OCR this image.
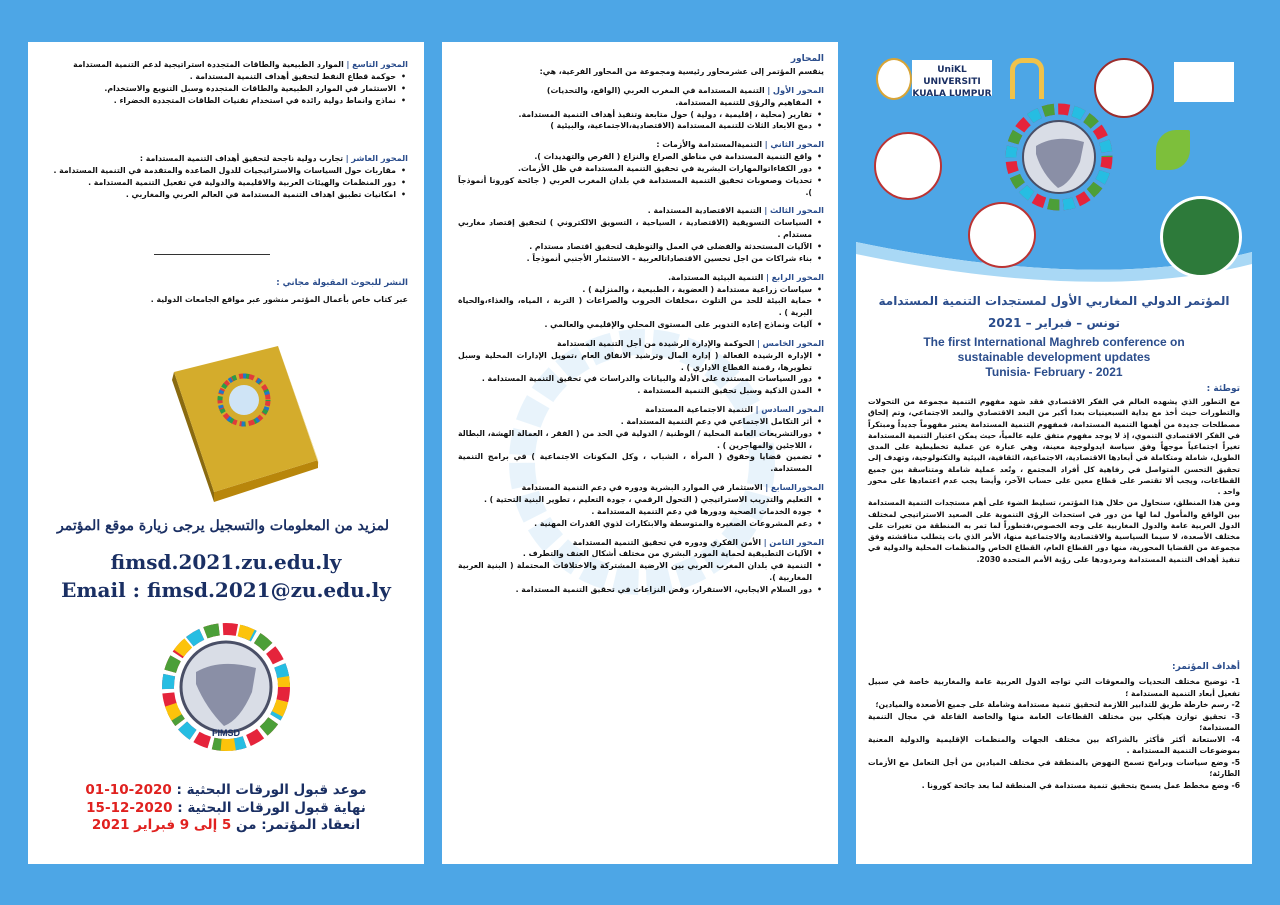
المحور التاسع | الموارد الطبيعية والطاقات المتجددة استراتيجية لدعم التنمية المستدامة

• حوكمة قطاع النفط لتحقيق أهداف التنمية المستدامة .
• الاستثمار في الموارد الطبيعية والطاقات المتجددة وسبل التنويع والاستخدام.
• نماذج وانماط دولية رائدة في استخدام تقنيات الطاقات المتجددة الخضراء .

المحور العاشر | تجارب دولية ناجحة لتحقيق أهداف التنمية المستدامة :

• مقاربات حول السياسات والاستراتيجيات للدول الصاعدة والمتقدمة في التنمية المستدامة .
• دور المنظمات والهيئات العربية والاقليمية والدولية في تفعيل التنمية المستدامة .
• امكانيات تطبيق اهداف التنمية المستدامة في العالم العربي والمغاربي .

النشر للبحوث المقبولة مجاني :

عبر كتاب خاص بأعمال المؤتمر منشور عبر مواقع الجامعات الدولية .

لمزيد من المعلومات والتسجيل يرجى زيارة موقع المؤتمر

fimsd.2021.zu.edu.ly

Email : fimsd.2021@zu.edu.ly

FIMSD

موعد قبول الورقات البحثية : 2020-10-01

نهاية قبول الورقات البحثية : 2020-12-15

انعقاد المؤتمر: من 5 إلى 9 فبراير 2021

المحاور

ينقسم المؤتمر إلى عشرمحاور رئيسية ومجموعة من المحاور الفرعية، هي:

المحور الأول | التنمية المستدامة في المغرب العربي (الواقع، والتحديات)

• المفاهيم والرؤى للتنمية المستدامة.
• تقارير (محلية ، إقليمية ، دولية ) حول متابعة وتنفيذ أهداف التنمية المستدامة.
• دمج الابعاد الثلاث للتنمية المستدامة (الاقتصادية،الاجتماعية، والبيئية )

المحور الثاني | التنميةالمستدامة والأزمات :

• واقع التنمية المستدامة في مناطق الصراع والنزاع ( الفرص والتهديدات ).
• دور الكفاءاتوالمهارات البشرية في تحقيق التنمية المستدامة في ظل الأزمات.
• تحديات وصعوبات تحقيق التنمية المستدامة في بلدان المغرب العربي ( جائحة كورونا أنموذجاً ).

المحور الثالث | التنمية الاقتصادية المستدامة .

• السياسات التسويقية (الاقتصادية ، السياحية ، التسويق الالكتروني ) لتحقيق إقتصاد مغاربي مستدام .
• الآليات المستحدثة والفضلى في العمل والتوظيف لتحقيق اقتصاد مستدام .
• بناء شراكات من اجل تحسين الاقتصاداتالعربية - الاستثمار الأجنبي أنموذجاً .

المحور الرابع | التنمية البيئية المستدامة.

• سياسات زراعية مستدامة ( العضوية ، الطبيعية ، والمنزلية ) .
• حماية البيئة للحد من التلوث ،مخلفات الحروب والصراعات ( التربة ، المياه، والغذاء،والحياة البرية ) .
• آليات ونماذج إعادة التدوير على المستوى المحلي والإقليمي والعالمي .

المحور الخامس | الحوكمة والإدارة الرشيدة من أجل التنمية المستدامة

• الإدارة الرشيدة الفعالة ( إدارة المال وترشيد الانفاق العام ،تمويل الإدارات المحلية وسبل تطويرها، رقمنة القطاع الاداري ) .
• دور السياسات المستندة على الأدلة والبيانات والدراسات في تحقيق التنمية المستدامة .
• المدن الذكية وسبل تحقيق التنمية المستدامة .

المحور السادس | التنمية الاجتماعية المستدامة

• أثر التكامل الاجتماعي في دعم التنمية المستدامة .
• دورالتشريعات العامة المحلية / الوطنية / الدولية في الحد من ( الفقر ، العمالة الهشة، البطالة ، اللاجئين والمهاجرين ) .
• تضمين قضايا وحقوق ( المرأة ، الشباب ، وكل المكونات الاجتماعية ) في برامج التنمية المستدامة.

المحورالسابع | الاستثمار في الموارد البشرية ودوره في دعم التنمية المستدامة

• التعليم والتدريب الاستراتيجي ( التحول الرقمي ، جودة التعليم ، تطوير البنية التحتية ) .
• جودة الخدمات الصحية ودورها في دعم التنمية المستدامة .
• دعم المشروعات الصغيرة والمتوسطة والابتكارات لذوي القدرات المهنية .

المحور الثامن | الأمن الفكري ودوره في تحقيق التنمية المستدامة

• الآليات التطبيقية لحماية المورد البشري من مختلف أشكال العنف والتطرف .
• التنمية في بلدان المغرب العربي بين الارضية المشتركة والاختلافات المحتملة ( البنية العربية المغاربية ).
• دور السلام الايجابي، الاستقرار، وفض النزاعات في تحقيق التنمية المستدامة .
UniKL UNIVERSITI KUALA LUMPUR

المؤتمر الدولي المغاربي الأول لمستجدات التنمية المستدامة

تونس – فبراير – 2021

The first International Maghreb conference on

sustainable development updates

Tunisia- February - 2021

توطئة :

مع التطور الذي يشهده العالم في الفكر الاقتصادي فقد شهد مفهوم التنمية مجموعة من التحولات والتطورات حيث أخذ مع بداية السبعينيات بعدا أكبر من البعد الاقتصادي والبعد الاجتماعي، وتم إلحاق مصطلحات جديدة من أهمها التنمية المستدامة، فمفهوم التنمية المستدامة يعتبر مفهوماً جديداً ومبتكراً في الفكر الاقتصادي التنموي، إذ لا يوجد مفهوم متفق عليه عالمياً، حيث يمكن اعتبار التنمية المستدامة تغيراً اجتماعياً موجهاً وفق سياسة ايدولوجية معينة، وهي عبارة عن عملية تخطيطية على المدى الطويل، شاملة ومتكاملة في أبعادها الاقتصادية، الاجتماعية، الثقافية، البيئية والتكنولوجية، وتهدف إلى تحقيق التحسن المتواصل في رفاهية كل أفراد المجتمع ، وتُعد عملية شاملة ومتناسقة بين جميع القطاعات، ويجب ألا تقتصر على قطاع معين على حساب الآخر، وأيضا يجب عدم اعتمادها على محور واحد .

ومن هذا المنطلق، سنحاول من خلال هذا المؤتمر، تسليط الضوء على أهم مستجدات التنمية المستدامة بين الواقع والمأمول لما لها من دور في استحداث الرؤى التنموية على الصعيد الاستراتيجي لمختلف الدول العربية عامة والدول المغاربية على وجه الخصوص،فتطوراً لما تمر به المنطقة من تغيرات على مختلف الأصعدة، لا سيما السياسية والاقتصادية والاجتماعية منها، الأمر الذي بات يتطلب مناقشته وفق مجموعة من القضايا المحورية، منها دور القطاع العام، القطاع الخاص والمنظمات المحلية والدولية في تنفيذ أهداف التنمية المستدامة ومردودها على رؤية الأمم المتحدة 2030.

أهداف المؤتمر:

1- توضيح مختلف التحديات والمعوقات التي تواجه الدول العربية عامة والمغاربية خاصة في سبيل تفعيل أبعاد التنمية المستدامة ؛

2- رسم خارطة طريق للتدابير اللازمة لتحقيق تنمية مستدامة وشاملة على جميع الأصعدة والميادين؛

3- تحقيق توازن هيكلي بين مختلف القطاعات العامة منها والخاصة الفاعلة في مجال التنمية المستدامة؛

4- الاستعانة أكثر فأكثر بالشراكة بين مختلف الجهات والمنظمات الإقليمية والدولية المعنية بموضوعات التنمية المستدامة .

5- وضع سياسات وبرامج تسمح النهوض بالمنطقة في مختلف الميادين من أجل التعامل مع الأزمات الطارئة؛

6- وضع مخطط عمل يسمح بتحقيق تنمية مستدامة في المنطقة لما بعد جائحة كورونا .
